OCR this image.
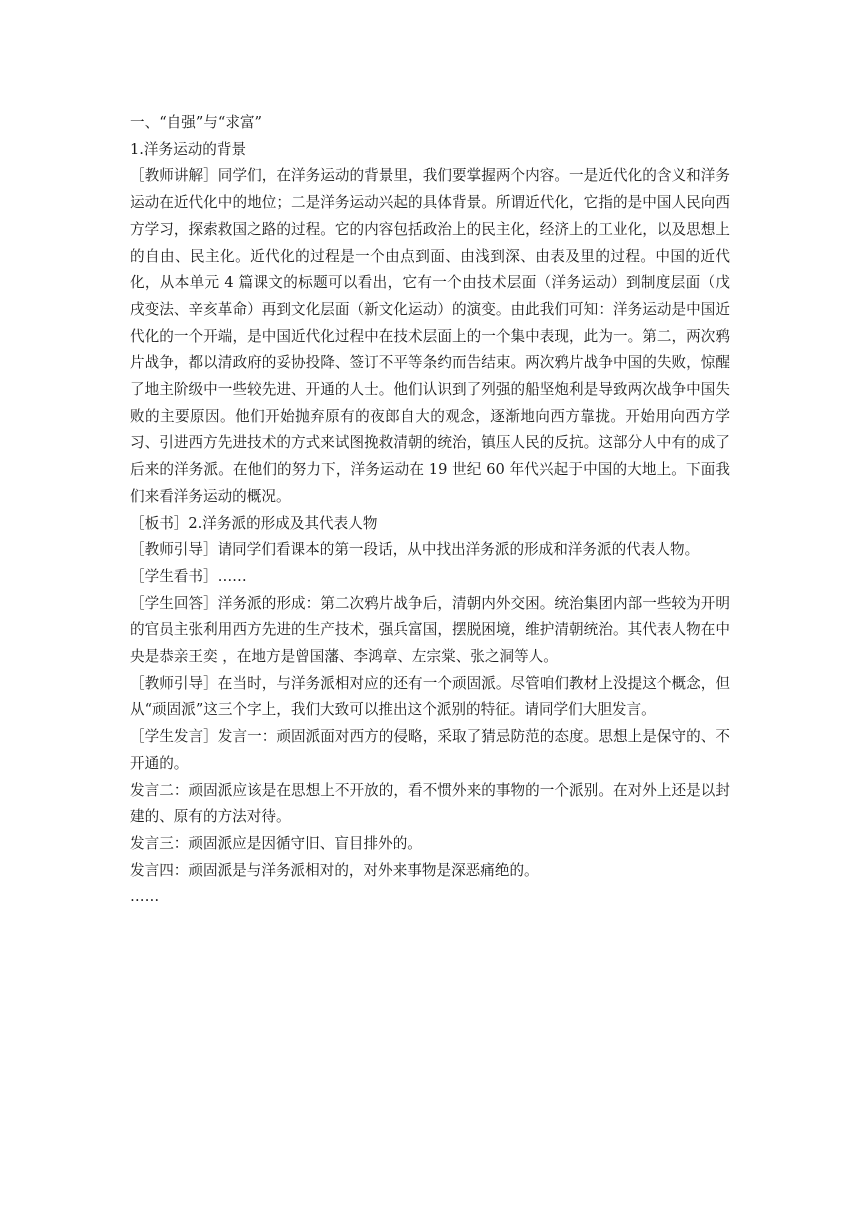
一、“自强”与“求富”

1.洋务运动的背景

［教师讲解］同学们，在洋务运动的背景里，我们要掌握两个内容。一是近代化的含义和洋务运动在近代化中的地位；二是洋务运动兴起的具体背景。所谓近代化，它指的是中国人民向西方学习，探索救国之路的过程。它的内容包括政治上的民主化，经济上的工业化，以及思想上的自由、民主化。近代化的过程是一个由点到面、由浅到深、由表及里的过程。中国的近代化，从本单元 4 篇课文的标题可以看出，它有一个由技术层面（洋务运动）到制度层面（戊戌变法、辛亥革命）再到文化层面（新文化运动）的演变。由此我们可知：洋务运动是中国近代化的一个开端，是中国近代化过程中在技术层面上的一个集中表现，此为一。第二，两次鸦片战争，都以清政府的妥协投降、签订不平等条约而告结束。两次鸦片战争中国的失败，惊醒了地主阶级中一些较先进、开通的人士。他们认识到了列强的船坚炮利是导致两次战争中国失败的主要原因。他们开始抛弃原有的夜郎自大的观念，逐渐地向西方靠拢。开始用向西方学习、引进西方先进技术的方式来试图挽救清朝的统治，镇压人民的反抗。这部分人中有的成了后来的洋务派。在他们的努力下，洋务运动在 19 世纪 60 年代兴起于中国的大地上。下面我们来看洋务运动的概况。

［板书］2.洋务派的形成及其代表人物

［教师引导］请同学们看课本的第一段话，从中找出洋务派的形成和洋务派的代表人物。

［学生看书］……

［学生回答］洋务派的形成：第二次鸦片战争后，清朝内外交困。统治集团内部一些较为开明的官员主张利用西方先进的生产技术，强兵富国，摆脱困境，维护清朝统治。其代表人物在中央是恭亲王奕 ，在地方是曾国藩、李鸿章、左宗棠、张之洞等人。

［教师引导］在当时，与洋务派相对应的还有一个顽固派。尽管咱们教材上没提这个概念，但从“顽固派”这三个字上，我们大致可以推出这个派别的特征。请同学们大胆发言。

［学生发言］发言一：顽固派面对西方的侵略，采取了猜忌防范的态度。思想上是保守的、不开通的。

发言二：顽固派应该是在思想上不开放的，看不惯外来的事物的一个派别。在对外上还是以封建的、原有的方法对待。

发言三：顽固派应是因循守旧、盲目排外的。

发言四：顽固派是与洋务派相对的，对外来事物是深恶痛绝的。

……
